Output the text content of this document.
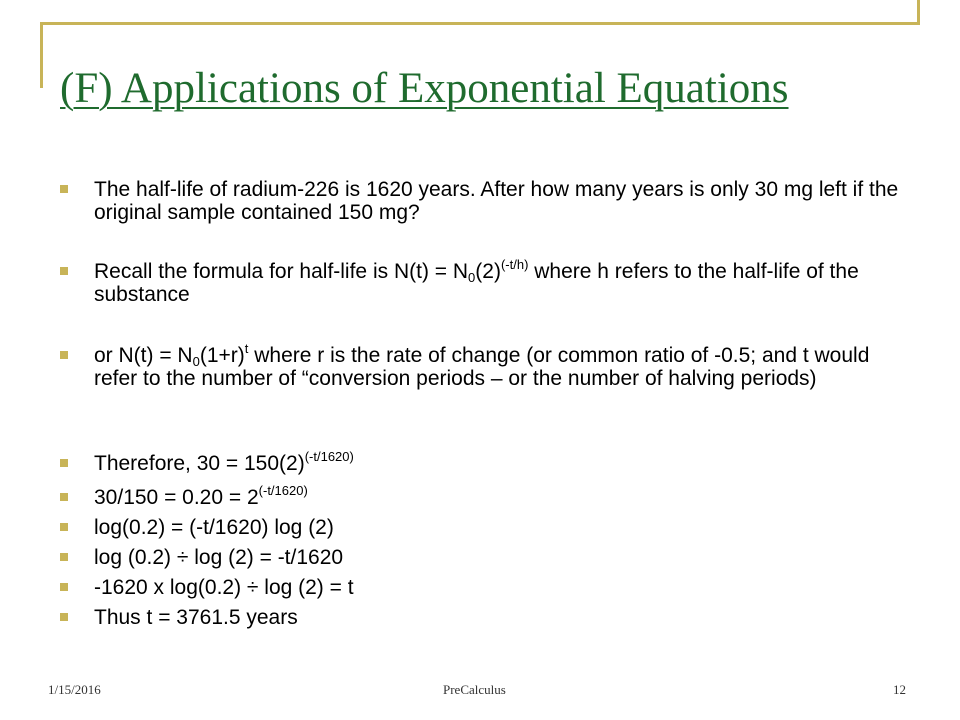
(F) Applications of Exponential Equations
The half-life of radium-226 is 1620 years. After how many years is only 30 mg left if the original sample contained 150 mg?
Recall the formula for half-life is $N(t) = N_0(2)^{(-t/h)}$ where h refers to the half-life of the substance
or $N(t) = N_0(1+r)^t$ where r is the rate of change (or common ratio of -0.5; and t would refer to the number of “conversion periods – or the number of halving periods)
Therefore, $30 = 150(2)^{(-t/1620)}$
$30/150 = 0.20 = 2^{(-t/1620)}$
log(0.2) = (-t/1620) log (2)
log (0.2) ÷ log (2) = -t/1620
-1620 x log(0.2) ÷ log (2) = t
Thus t = 3761.5 years
1/15/2016	PreCalculus	12
